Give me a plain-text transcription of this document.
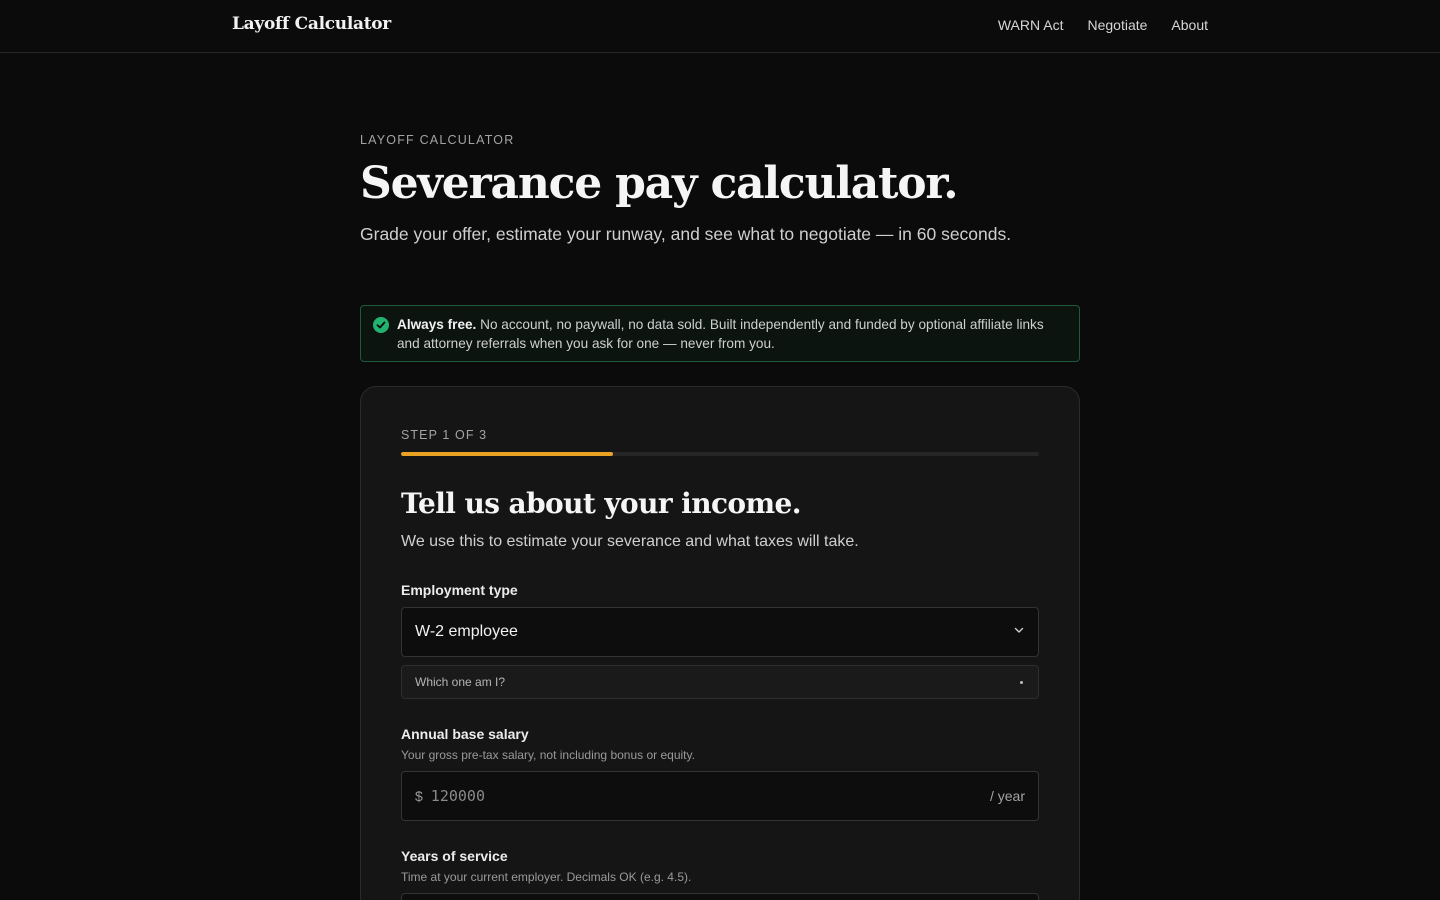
Layoff Calculator	WARN Act Negotiate About
LAYOFF CALCULATOR
Severance pay calculator.

Grade your offer, estimate your runway, and see what to negotiate — in 60 seconds.

Always free. No account, no paywall, no data sold. Built independently and funded by optional affiliate links and attorney referrals when you ask for one — never from you.
STEP 1 OF 3
Tell us about your income.

We use this to estimate your severance and what taxes will take.

Employment type
W-2 employee
Which one am I?
Annual base salary
Your gross pre-tax salary, not including bonus or equity.
$
120000	/ year
Years of service
Time at your current employer. Decimals OK (e.g. 4.5).
